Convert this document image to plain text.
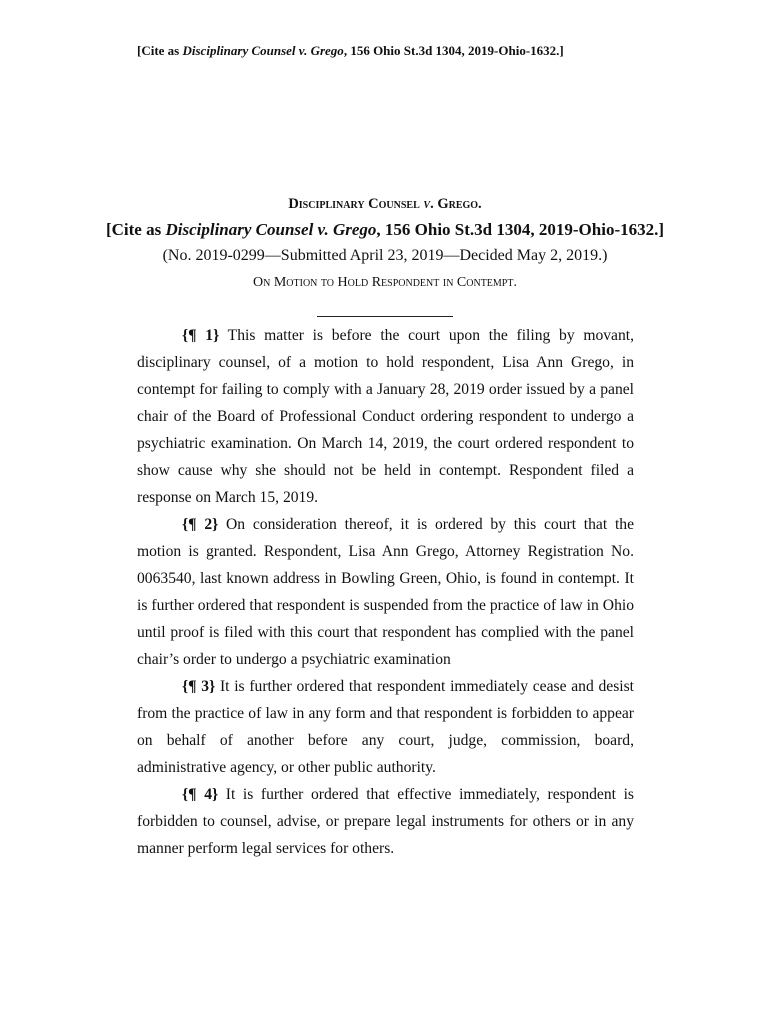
[Cite as Disciplinary Counsel v. Grego, 156 Ohio St.3d 1304, 2019-Ohio-1632.]
Disciplinary Counsel v. Grego.
[Cite as Disciplinary Counsel v. Grego, 156 Ohio St.3d 1304, 2019-Ohio-1632.]
(No. 2019-0299—Submitted April 23, 2019—Decided May 2, 2019.)
On Motion to Hold Respondent in Contempt.

{¶ 1} This matter is before the court upon the filing by movant, disciplinary counsel, of a motion to hold respondent, Lisa Ann Grego, in contempt for failing to comply with a January 28, 2019 order issued by a panel chair of the Board of Professional Conduct ordering respondent to undergo a psychiatric examination. On March 14, 2019, the court ordered respondent to show cause why she should not be held in contempt. Respondent filed a response on March 15, 2019.

{¶ 2} On consideration thereof, it is ordered by this court that the motion is granted. Respondent, Lisa Ann Grego, Attorney Registration No. 0063540, last known address in Bowling Green, Ohio, is found in contempt. It is further ordered that respondent is suspended from the practice of law in Ohio until proof is filed with this court that respondent has complied with the panel chair’s order to undergo a psychiatric examination

{¶ 3} It is further ordered that respondent immediately cease and desist from the practice of law in any form and that respondent is forbidden to appear on behalf of another before any court, judge, commission, board, administrative agency, or other public authority.

{¶ 4} It is further ordered that effective immediately, respondent is forbidden to counsel, advise, or prepare legal instruments for others or in any manner perform legal services for others.
